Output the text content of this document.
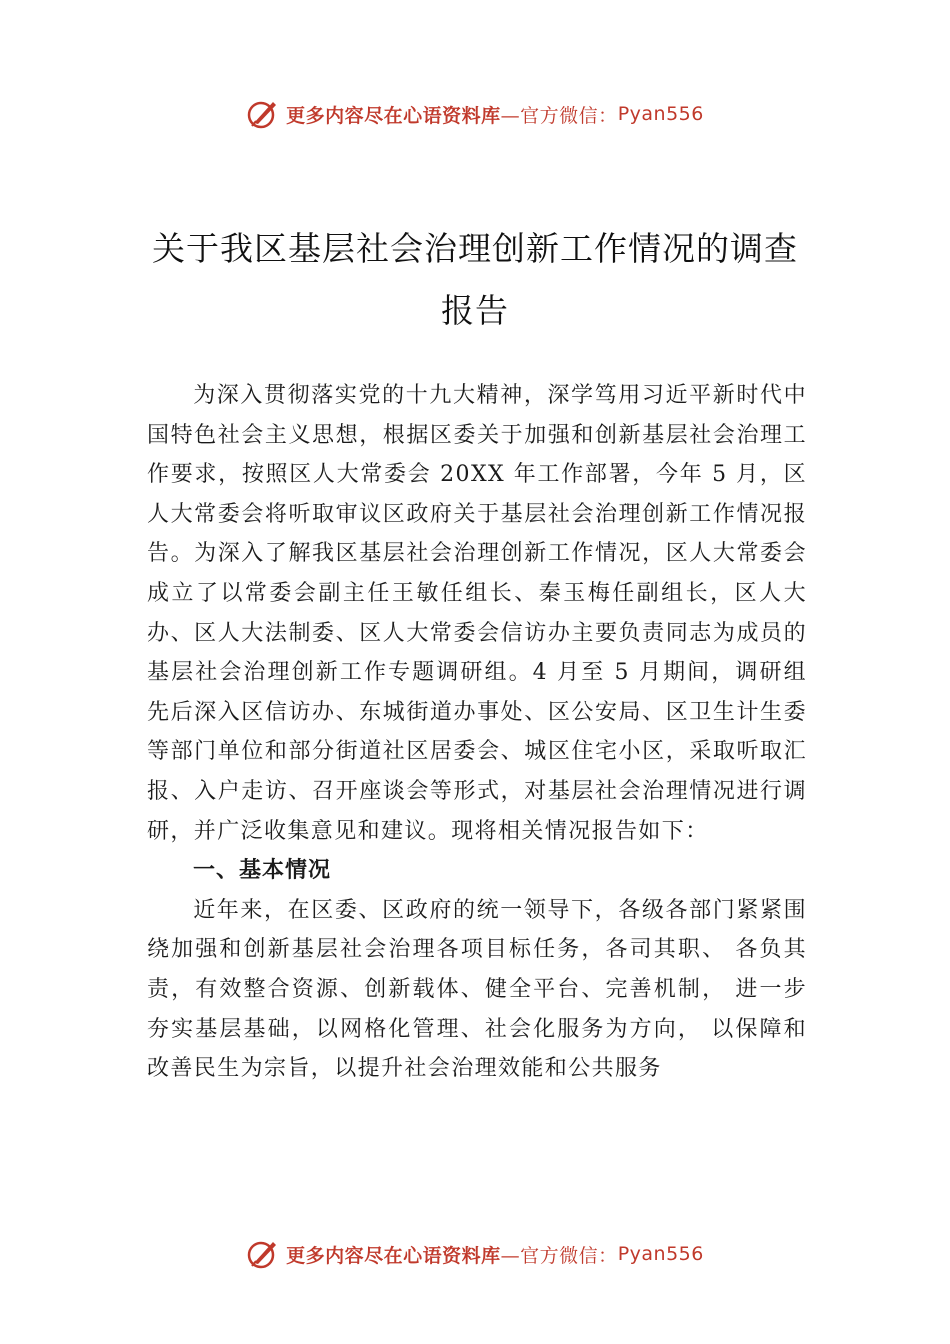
更多内容尽在心语资料库 —官方微信： Pyan556
关于我区基层社会治理创新工作情况的调查报告

为深入贯彻落实党的十九大精神，深学笃用习近平新时代中国特色社会主义思想，根据区委关于加强和创新基层社会治理工作要求，按照区人大常委会 20XX 年工作部署，今年 5 月，区人大常委会将听取审议区政府关于基层社会治理创新工作情况报告。为深入了解我区基层社会治理创新工作情况，区人大常委会成立了以常委会副主任王敏任组长、秦玉梅任副组长，区人大办、区人大法制委、区人大常委会信访办主要负责同志为成员的基层社会治理创新工作专题调研组。4 月至 5 月期间，调研组先后深入区信访办、东城街道办事处、区公安局、区卫生计生委等部门单位和部分街道社区居委会、城区住宅小区，采取听取汇报、入户走访、召开座谈会等形式，对基层社会治理情况进行调研，并广泛收集意见和建议。现将相关情况报告如下：

一、基本情况

近年来，在区委、区政府的统一领导下，各级各部门紧紧围绕加强和创新基层社会治理各项目标任务，各司其职、 各负其责，有效整合资源、创新载体、健全平台、完善机制， 进一步夯实基层基础，以网格化管理、社会化服务为方向， 以保障和改善民生为宗旨，以提升社会治理效能和公共服务

更多内容尽在心语资料库 —官方微信： Pyan556
